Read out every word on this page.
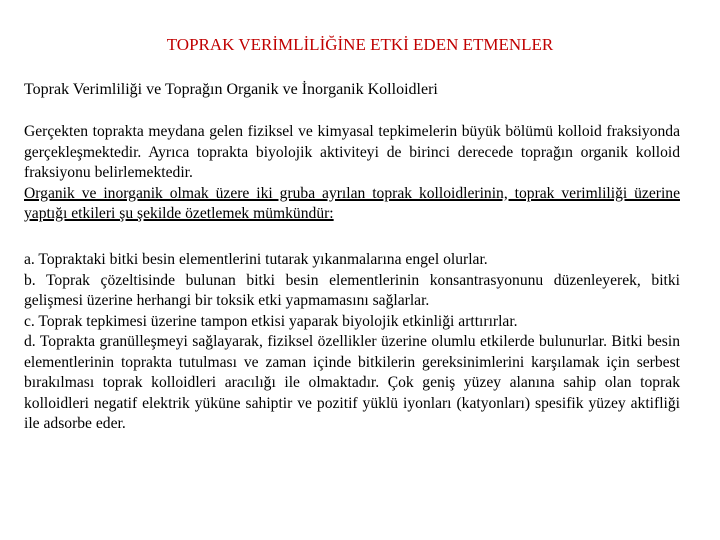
TOPRAK VERİMLİLİĞİNE ETKİ EDEN ETMENLER
Toprak Verimliliği ve Toprağın Organik ve İnorganik Kolloidleri

Gerçekten toprakta meydana gelen fiziksel ve kimyasal tepkimelerin büyük bölümü kolloid fraksiyonda gerçekleşmektedir. Ayrıca toprakta biyolojik aktiviteyi de birinci derecede toprağın organik kolloid fraksiyonu belirlemektedir.

Organik ve inorganik olmak üzere iki gruba ayrılan toprak kolloidlerinin, toprak verimliliği üzerine yaptığı etkileri şu şekilde özetlemek mümkündür:

a. Topraktaki bitki besin elementlerini tutarak yıkanmalarına engel olurlar.

b. Toprak çözeltisinde bulunan bitki besin elementlerinin konsantrasyonunu düzenleyerek, bitki gelişmesi üzerine herhangi bir toksik etki yapmamasını sağlarlar.

c. Toprak tepkimesi üzerine tampon etkisi yaparak biyolojik etkinliği arttırırlar.

d. Toprakta granülleşmeyi sağlayarak, fiziksel özellikler üzerine olumlu etkilerde bulunurlar. Bitki besin elementlerinin toprakta tutulması ve zaman içinde bitkilerin gereksinimlerini karşılamak için serbest bırakılması toprak kolloidleri aracılığı ile olmaktadır. Çok geniş yüzey alanına sahip olan toprak kolloidleri negatif elektrik yüküne sahiptir ve pozitif yüklü iyonları (katyonları) spesifik yüzey aktifliği ile adsorbe eder.
